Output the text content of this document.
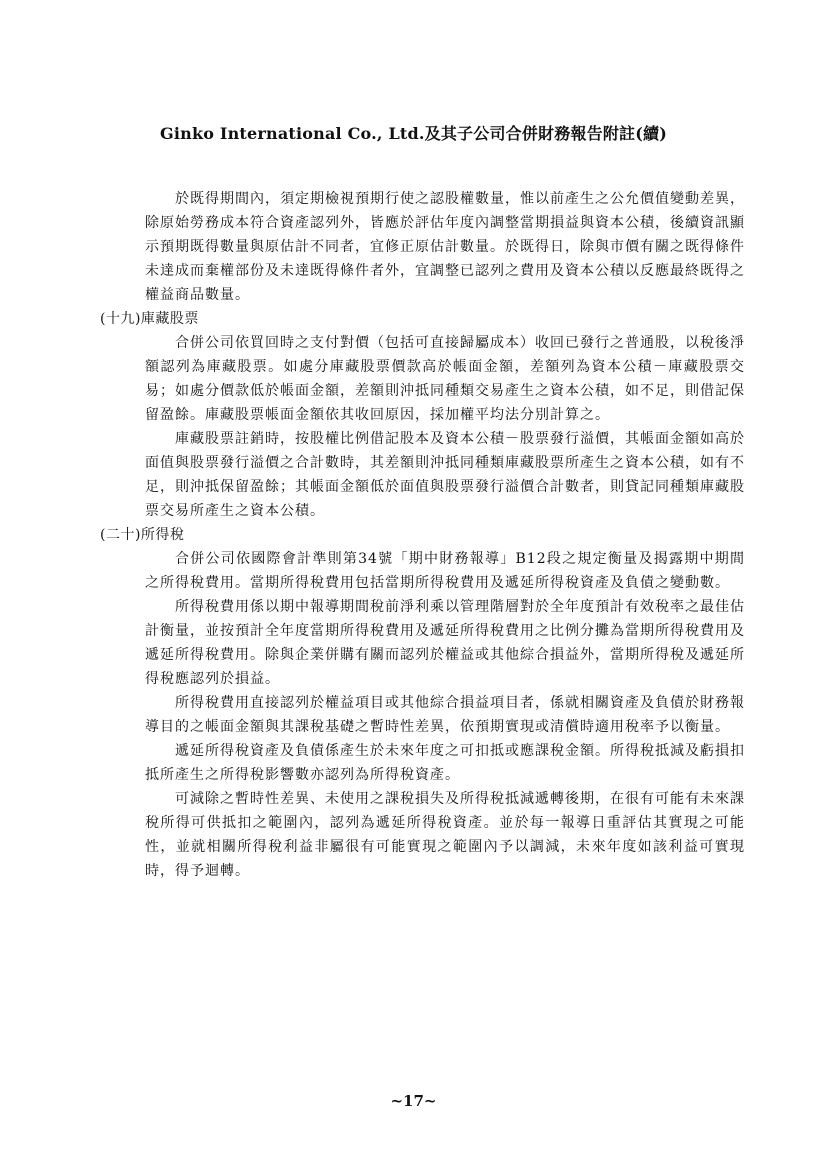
Ginko International Co., Ltd.及其子公司合併財務報告附註(續)

於既得期間內，須定期檢視預期行使之認股權數量，惟以前產生之公允價值變動差異，除原始勞務成本符合資產認列外，皆應於評估年度內調整當期損益與資本公積，後續資訊顯示預期既得數量與原估計不同者，宜修正原估計數量。於既得日，除與市價有關之既得條件未達成而棄權部份及未達既得條件者外，宜調整已認列之費用及資本公積以反應最終既得之權益商品數量。

(十九)庫藏股票

合併公司依買回時之支付對價（包括可直接歸屬成本）收回已發行之普通股，以稅後淨額認列為庫藏股票。如處分庫藏股票價款高於帳面金額，差額列為資本公積－庫藏股票交易；如處分價款低於帳面金額，差額則沖抵同種類交易產生之資本公積，如不足，則借記保留盈餘。庫藏股票帳面金額依其收回原因，採加權平均法分別計算之。

庫藏股票註銷時，按股權比例借記股本及資本公積－股票發行溢價，其帳面金額如高於面值與股票發行溢價之合計數時，其差額則沖抵同種類庫藏股票所產生之資本公積，如有不足，則沖抵保留盈餘；其帳面金額低於面值與股票發行溢價合計數者，則貸記同種類庫藏股票交易所產生之資本公積。

(二十)所得稅

合併公司依國際會計準則第34號「期中財務報導」B12段之規定衡量及揭露期中期間之所得稅費用。當期所得稅費用包括當期所得稅費用及遞延所得稅資產及負債之變動數。

所得稅費用係以期中報導期間稅前淨利乘以管理階層對於全年度預計有效稅率之最佳估計衡量，並按預計全年度當期所得稅費用及遞延所得稅費用之比例分攤為當期所得稅費用及遞延所得稅費用。除與企業併購有關而認列於權益或其他綜合損益外，當期所得稅及遞延所得稅應認列於損益。

所得稅費用直接認列於權益項目或其他綜合損益項目者，係就相關資產及負債於財務報導目的之帳面金額與其課稅基礎之暫時性差異，依預期實現或清償時適用稅率予以衡量。

遞延所得稅資產及負債係產生於未來年度之可扣抵或應課稅金額。所得稅抵減及虧損扣抵所產生之所得稅影響數亦認列為所得稅資產。

可減除之暫時性差異、未使用之課稅損失及所得稅抵減遞轉後期，在很有可能有未來課稅所得可供抵扣之範圍內，認列為遞延所得稅資產。並於每一報導日重評估其實現之可能性，並就相關所得稅利益非屬很有可能實現之範圍內予以調減，未來年度如該利益可實現時，得予迴轉。

~17~
